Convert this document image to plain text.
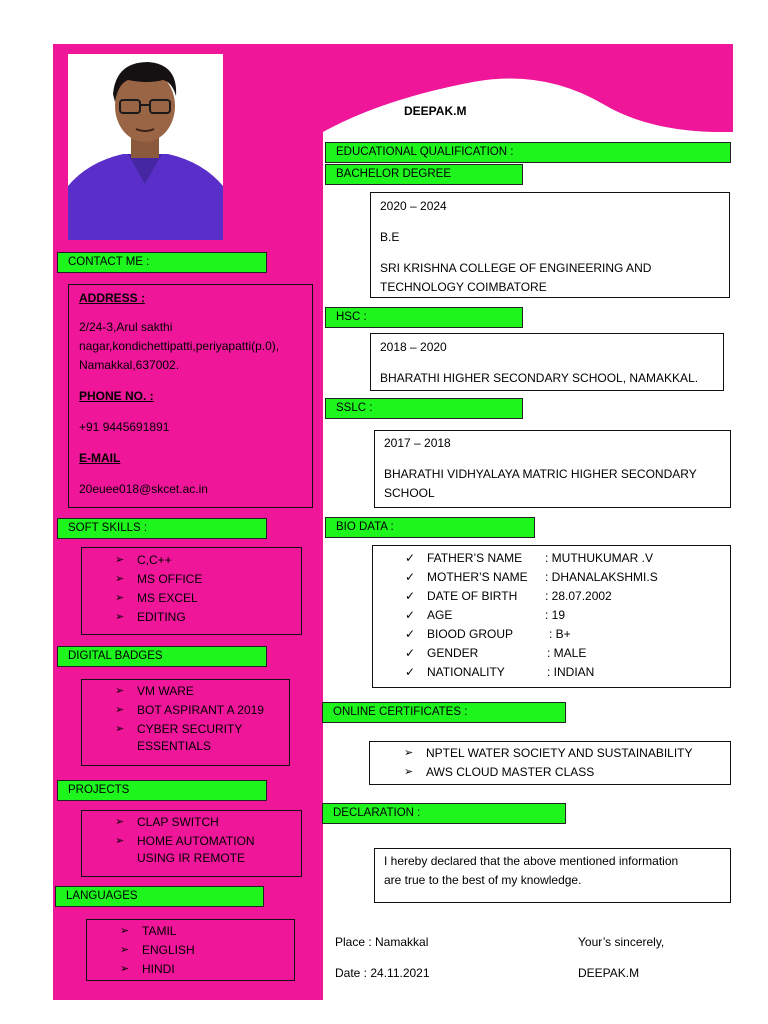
DEEPAK.M
CONTACT ME :
ADDRESS :
2/24-3,Arul sakthi
nagar,kondichettipatti,periyapatti(p.0),
Namakkal,637002.
PHONE NO. :
+91 9445691891
E-MAIL
20euee018@skcet.ac.in
SOFT SKILLS :
➢ C,C++
➢ MS OFFICE
➢ MS EXCEL
➢ EDITING
DIGITAL BADGES
➢ VM WARE
➢ BOT ASPIRANT A 2019
➢ CYBER SECURITY
ESSENTIALS
PROJECTS
➢ CLAP SWITCH
➢ HOME AUTOMATION
USING IR REMOTE
LANGUAGES
➢ TAMIL
➢ ENGLISH
➢ HINDI
EDUCATIONAL QUALIFICATION :
BACHELOR DEGREE
2020 – 2024
B.E
SRI KRISHNA COLLEGE OF ENGINEERING AND
TECHNOLOGY COIMBATORE
HSC :
2018 – 2020
BHARATHI HIGHER SECONDARY SCHOOL, NAMAKKAL.
SSLC :
2017 – 2018
BHARATHI VIDHYALAYA MATRIC HIGHER SECONDARY
SCHOOL
BIO DATA :
✓ FATHER’S NAME : MUTHUKUMAR .V
✓ MOTHER’S NAME : DHANALAKSHMI.S
✓ DATE OF BIRTH : 28.07.2002
✓ AGE	: 19
✓ BIOOD GROUP	: B+
✓ GENDER	: MALE
✓ NATIONALITY	: INDIAN
ONLINE CERTIFICATES :
➢ NPTEL WATER SOCIETY AND SUSTAINABILITY
➢ AWS CLOUD MASTER CLASS
DECLARATION :
I hereby declared that the above mentioned information
are true to the best of my knowledge.
Place : Namakkal
Date : 24.11.2021
Your’s sincerely,
DEEPAK.M
